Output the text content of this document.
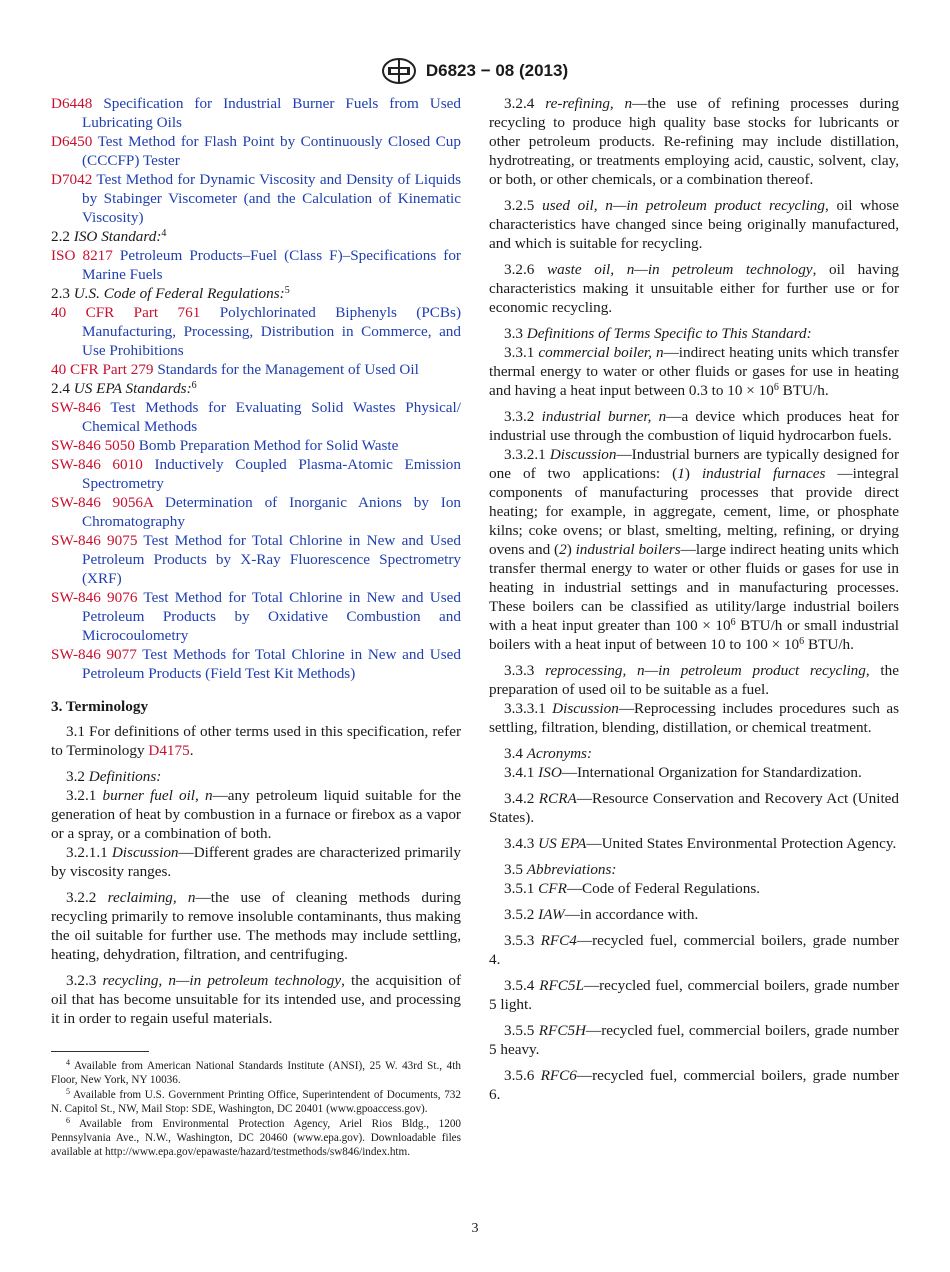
D6823 − 08 (2013)

D6448 Specification for Industrial Burner Fuels from Used Lubricating Oils

D6450 Test Method for Flash Point by Continuously Closed Cup (CCCFP) Tester

D7042 Test Method for Dynamic Viscosity and Density of Liquids by Stabinger Viscometer (and the Calculation of Kinematic Viscosity)

2.2 ISO Standard:$^4$

ISO 8217 Petroleum Products–Fuel (Class F)–Specifications for Marine Fuels

2.3 U.S. Code of Federal Regulations:$^5$

40 CFR Part 761 Polychlorinated Biphenyls (PCBs) Manufacturing, Processing, Distribution in Commerce, and Use Prohibitions

40 CFR Part 279 Standards for the Management of Used Oil

2.4 US EPA Standards:$^6$

SW-846 Test Methods for Evaluating Solid Wastes Physical/ Chemical Methods

SW-846 5050 Bomb Preparation Method for Solid Waste

SW-846 6010 Inductively Coupled Plasma-Atomic Emission Spectrometry

SW-846 9056A Determination of Inorganic Anions by Ion Chromatography

SW-846 9075 Test Method for Total Chlorine in New and Used Petroleum Products by X-Ray Fluorescence Spectrometry (XRF)

SW-846 9076 Test Method for Total Chlorine in New and Used Petroleum Products by Oxidative Combustion and Microcoulometry

SW-846 9077 Test Methods for Total Chlorine in New and Used Petroleum Products (Field Test Kit Methods)

3. Terminology

3.1 For definitions of other terms used in this specification, refer to Terminology D4175.

3.2 Definitions:

3.2.1 burner fuel oil, n—any petroleum liquid suitable for the generation of heat by combustion in a furnace or firebox as a vapor or a spray, or a combination of both.

3.2.1.1 Discussion—Different grades are characterized primarily by viscosity ranges.

3.2.2 reclaiming, n—the use of cleaning methods during recycling primarily to remove insoluble contaminants, thus making the oil suitable for further use. The methods may include settling, heating, dehydration, filtration, and centrifuging.

3.2.3 recycling, n—in petroleum technology, the acquisition of oil that has become unsuitable for its intended use, and processing it in order to regain useful materials.

$^4$ Available from American National Standards Institute (ANSI), 25 W. 43rd St., 4th Floor, New York, NY 10036.

$^5$ Available from U.S. Government Printing Office, Superintendent of Documents, 732 N. Capitol St., NW, Mail Stop: SDE, Washington, DC 20401 (www.gpoaccess.gov).

$^6$ Available from Environmental Protection Agency, Ariel Rios Bldg., 1200 Pennsylvania Ave., N.W., Washington, DC 20460 (www.epa.gov). Downloadable files available at http://www.epa.gov/epawaste/hazard/testmethods/sw846/index.htm.

3.2.4 re-refining, n—the use of refining processes during recycling to produce high quality base stocks for lubricants or other petroleum products. Re-refining may include distillation, hydrotreating, or treatments employing acid, caustic, solvent, clay, or both, or other chemicals, or a combination thereof.

3.2.5 used oil, n—in petroleum product recycling, oil whose characteristics have changed since being originally manufactured, and which is suitable for recycling.

3.2.6 waste oil, n—in petroleum technology, oil having characteristics making it unsuitable either for further use or for economic recycling.

3.3 Definitions of Terms Specific to This Standard:

3.3.1 commercial boiler, n—indirect heating units which transfer thermal energy to water or other fluids or gases for use in heating and having a heat input between 0.3 to $10 \times 10^6$ BTU/h.

3.3.2 industrial burner, n—a device which produces heat for industrial use through the combustion of liquid hydrocarbon fuels.

3.3.2.1 Discussion—Industrial burners are typically designed for one of two applications: (1) industrial furnaces —integral components of manufacturing processes that provide direct heating; for example, in aggregate, cement, lime, or phosphate kilns; coke ovens; or blast, smelting, melting, refining, or drying ovens and (2) industrial boilers—large indirect heating units which transfer thermal energy to water or other fluids or gases for use in heating in industrial settings and in manufacturing processes. These boilers can be classified as utility/large industrial boilers with a heat input greater than $100 \times 10^6$ BTU/h or small industrial boilers with a heat input of between 10 to $100 \times 10^6$ BTU/h.

3.3.3 reprocessing, n—in petroleum product recycling, the preparation of used oil to be suitable as a fuel.

3.3.3.1 Discussion—Reprocessing includes procedures such as settling, filtration, blending, distillation, or chemical treatment.

3.4 Acronyms:

3.4.1 ISO—International Organization for Standardization.

3.4.2 RCRA—Resource Conservation and Recovery Act (United States).

3.4.3 US EPA—United States Environmental Protection Agency.

3.5 Abbreviations:

3.5.1 CFR—Code of Federal Regulations.

3.5.2 IAW—in accordance with.

3.5.3 RFC4—recycled fuel, commercial boilers, grade number 4.

3.5.4 RFC5L—recycled fuel, commercial boilers, grade number 5 light.

3.5.5 RFC5H—recycled fuel, commercial boilers, grade number 5 heavy.

3.5.6 RFC6—recycled fuel, commercial boilers, grade number 6.

3
